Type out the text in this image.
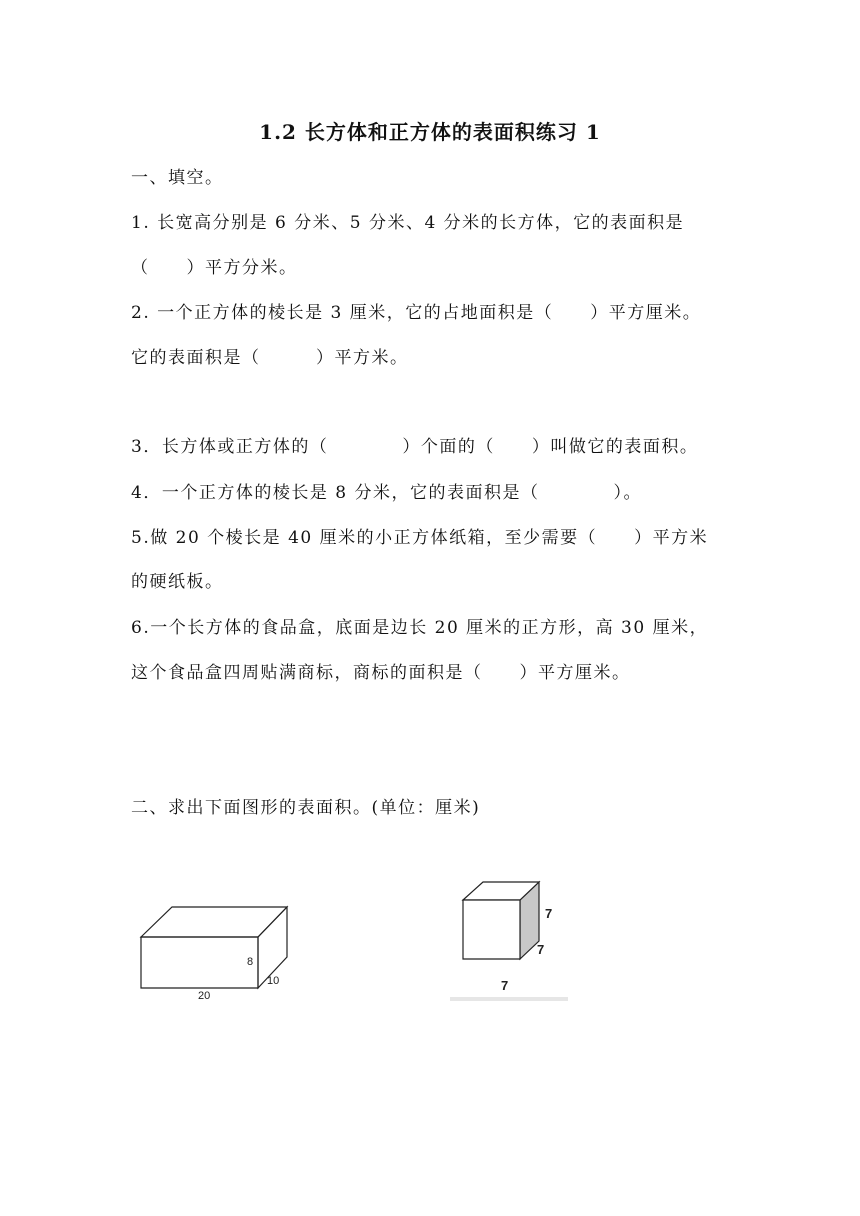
1.2 长方体和正方体的表面积练习 1
一、填空。
1. 长宽高分别是 6 分米、5 分米、4 分米的长方体，它的表面积是
（　　）平方分米。
2. 一个正方体的棱长是 3 厘米，它的占地面积是（　　）平方厘米。
它的表面积是（　　　）平方米。
3．长方体或正方体的（　　　　）个面的（　　）叫做它的表面积。
4．一个正方体的棱长是 8 分米，它的表面积是（　　　　）。
5.做 20 个棱长是 40 厘米的小正方体纸箱，至少需要（　　）平方米
的硬纸板。
6.一个长方体的食品盒，底面是边长 20 厘米的正方形，高 30 厘米，
这个食品盒四周贴满商标，商标的面积是（　　）平方厘米。
二、求出下面图形的表面积。(单位：厘米)
20
8
10
7
7
7
